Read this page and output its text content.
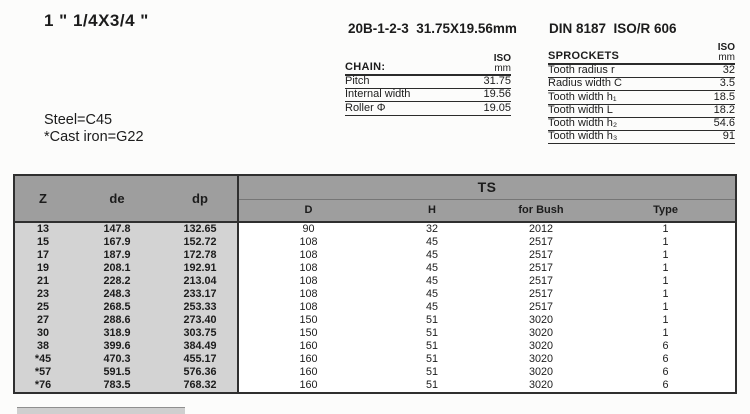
1 " 1/4X3/4 "	20B-1-2-3  31.75X19.56mm DIN 8187  ISO/R 606
Steel=C45
*Cast iron=G22
CHAIN:
ISO
mm
Pitch	31.75
Internal width	19.56
Roller Φ	19.05
SPROCKETS
ISO
mm
Tooth radius r	32
Radius width C	3.5
Tooth width h₁	18.5
Tooth width L	18.2
Tooth width h₂	54.6
Tooth width h₃	91
Z	de	dp	TS			
			D	H	for Bush	Type
13	147.8	132.65	90	32	2012	1
15	167.9	152.72	108	45	2517	1
17	187.9	172.78	108	45	2517	1
19	208.1	192.91	108	45	2517	1
21	228.2	213.04	108	45	2517	1
23	248.3	233.17	108	45	2517	1
25	268.5	253.33	108	45	2517	1
27	288.6	273.40	150	51	3020	1
30	318.9	303.75	150	51	3020	1
38	399.6	384.49	160	51	3020	6
*45	470.3	455.17	160	51	3020	6
*57	591.5	576.36	160	51	3020	6
*76	783.5	768.32	160	51	3020	6
